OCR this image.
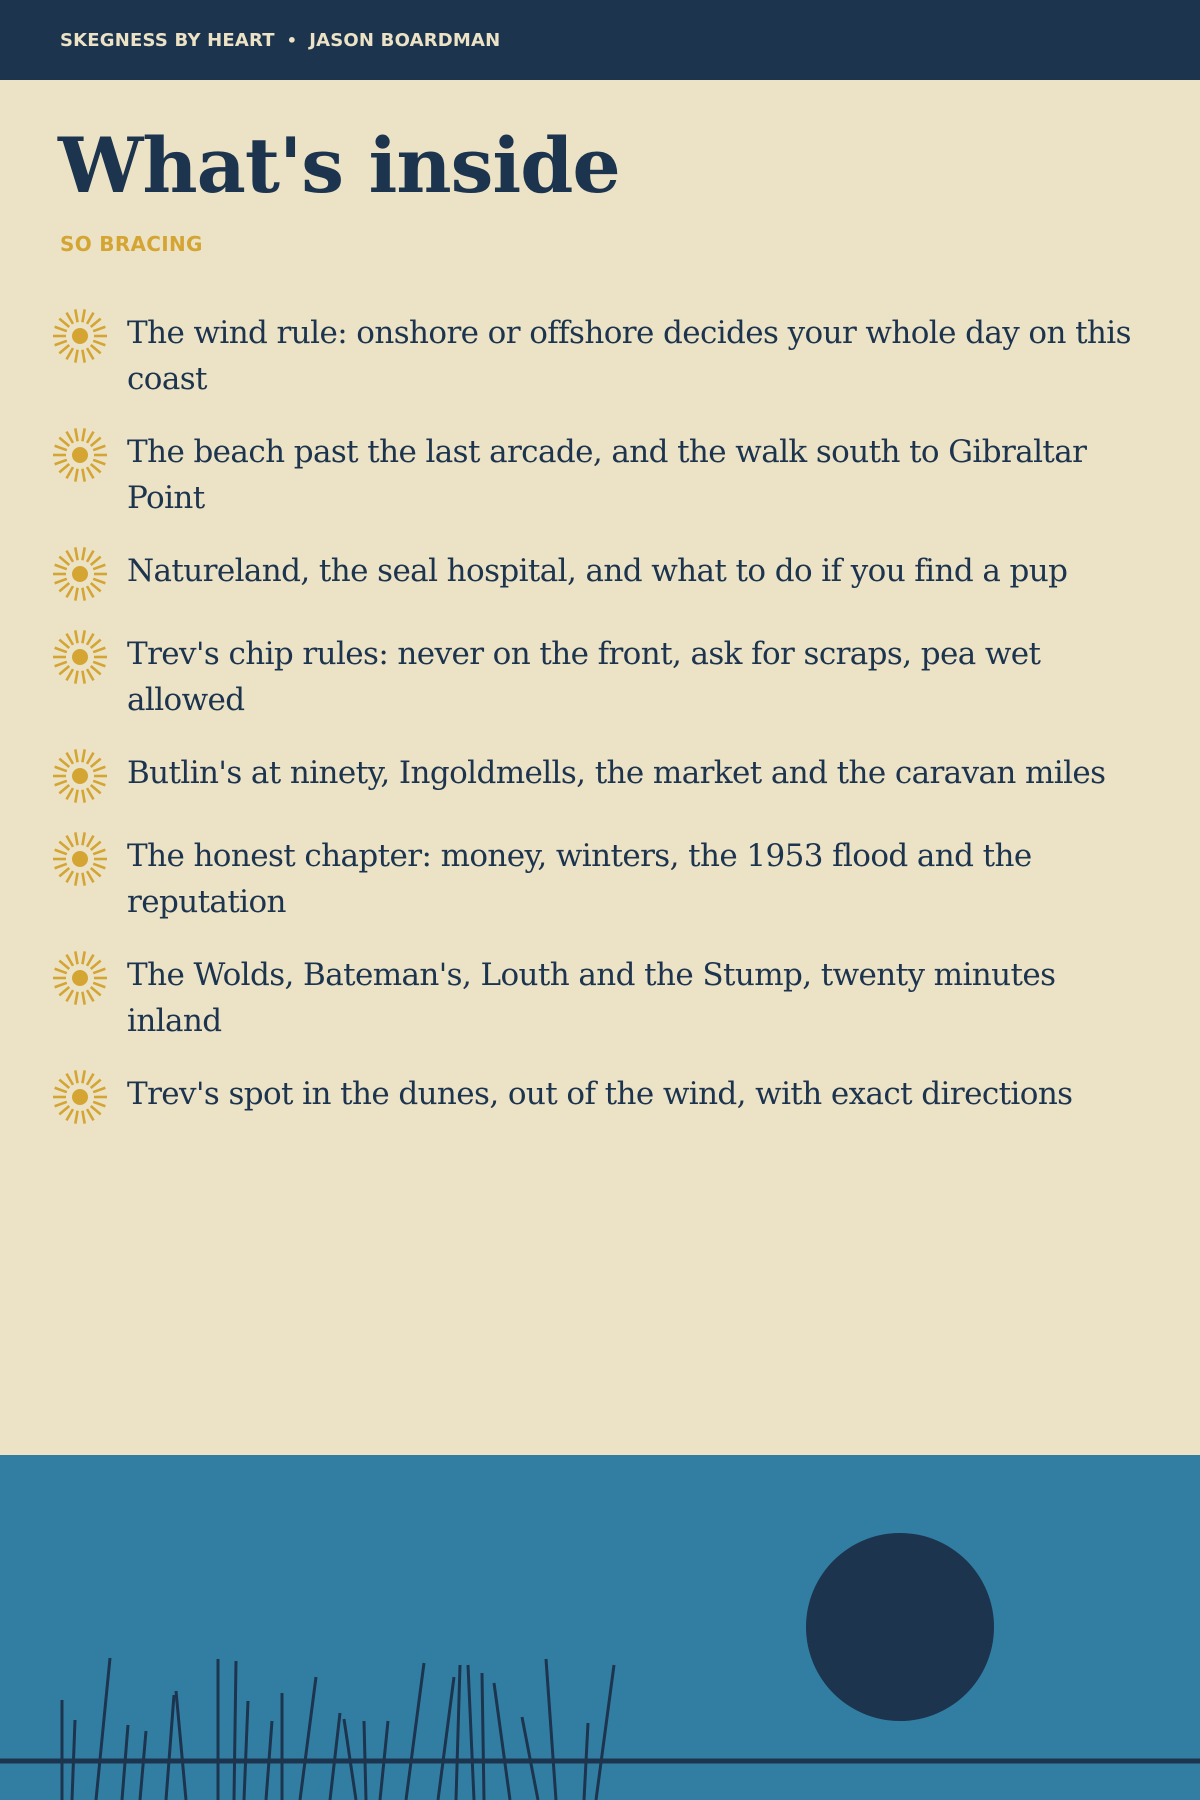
SKEGNESS BY HEART • JASON BOARDMAN
What's inside
SO BRACING
The wind rule: onshore or offshore decides your whole day on this coast
The beach past the last arcade, and the walk south to Gibraltar Point
Natureland, the seal hospital, and what to do if you find a pup
Trev's chip rules: never on the front, ask for scraps, pea wet allowed
Butlin's at ninety, Ingoldmells, the market and the caravan miles
The honest chapter: money, winters, the 1953 flood and the reputation
The Wolds, Bateman's, Louth and the Stump, twenty minutes inland
Trev's spot in the dunes, out of the wind, with exact directions
